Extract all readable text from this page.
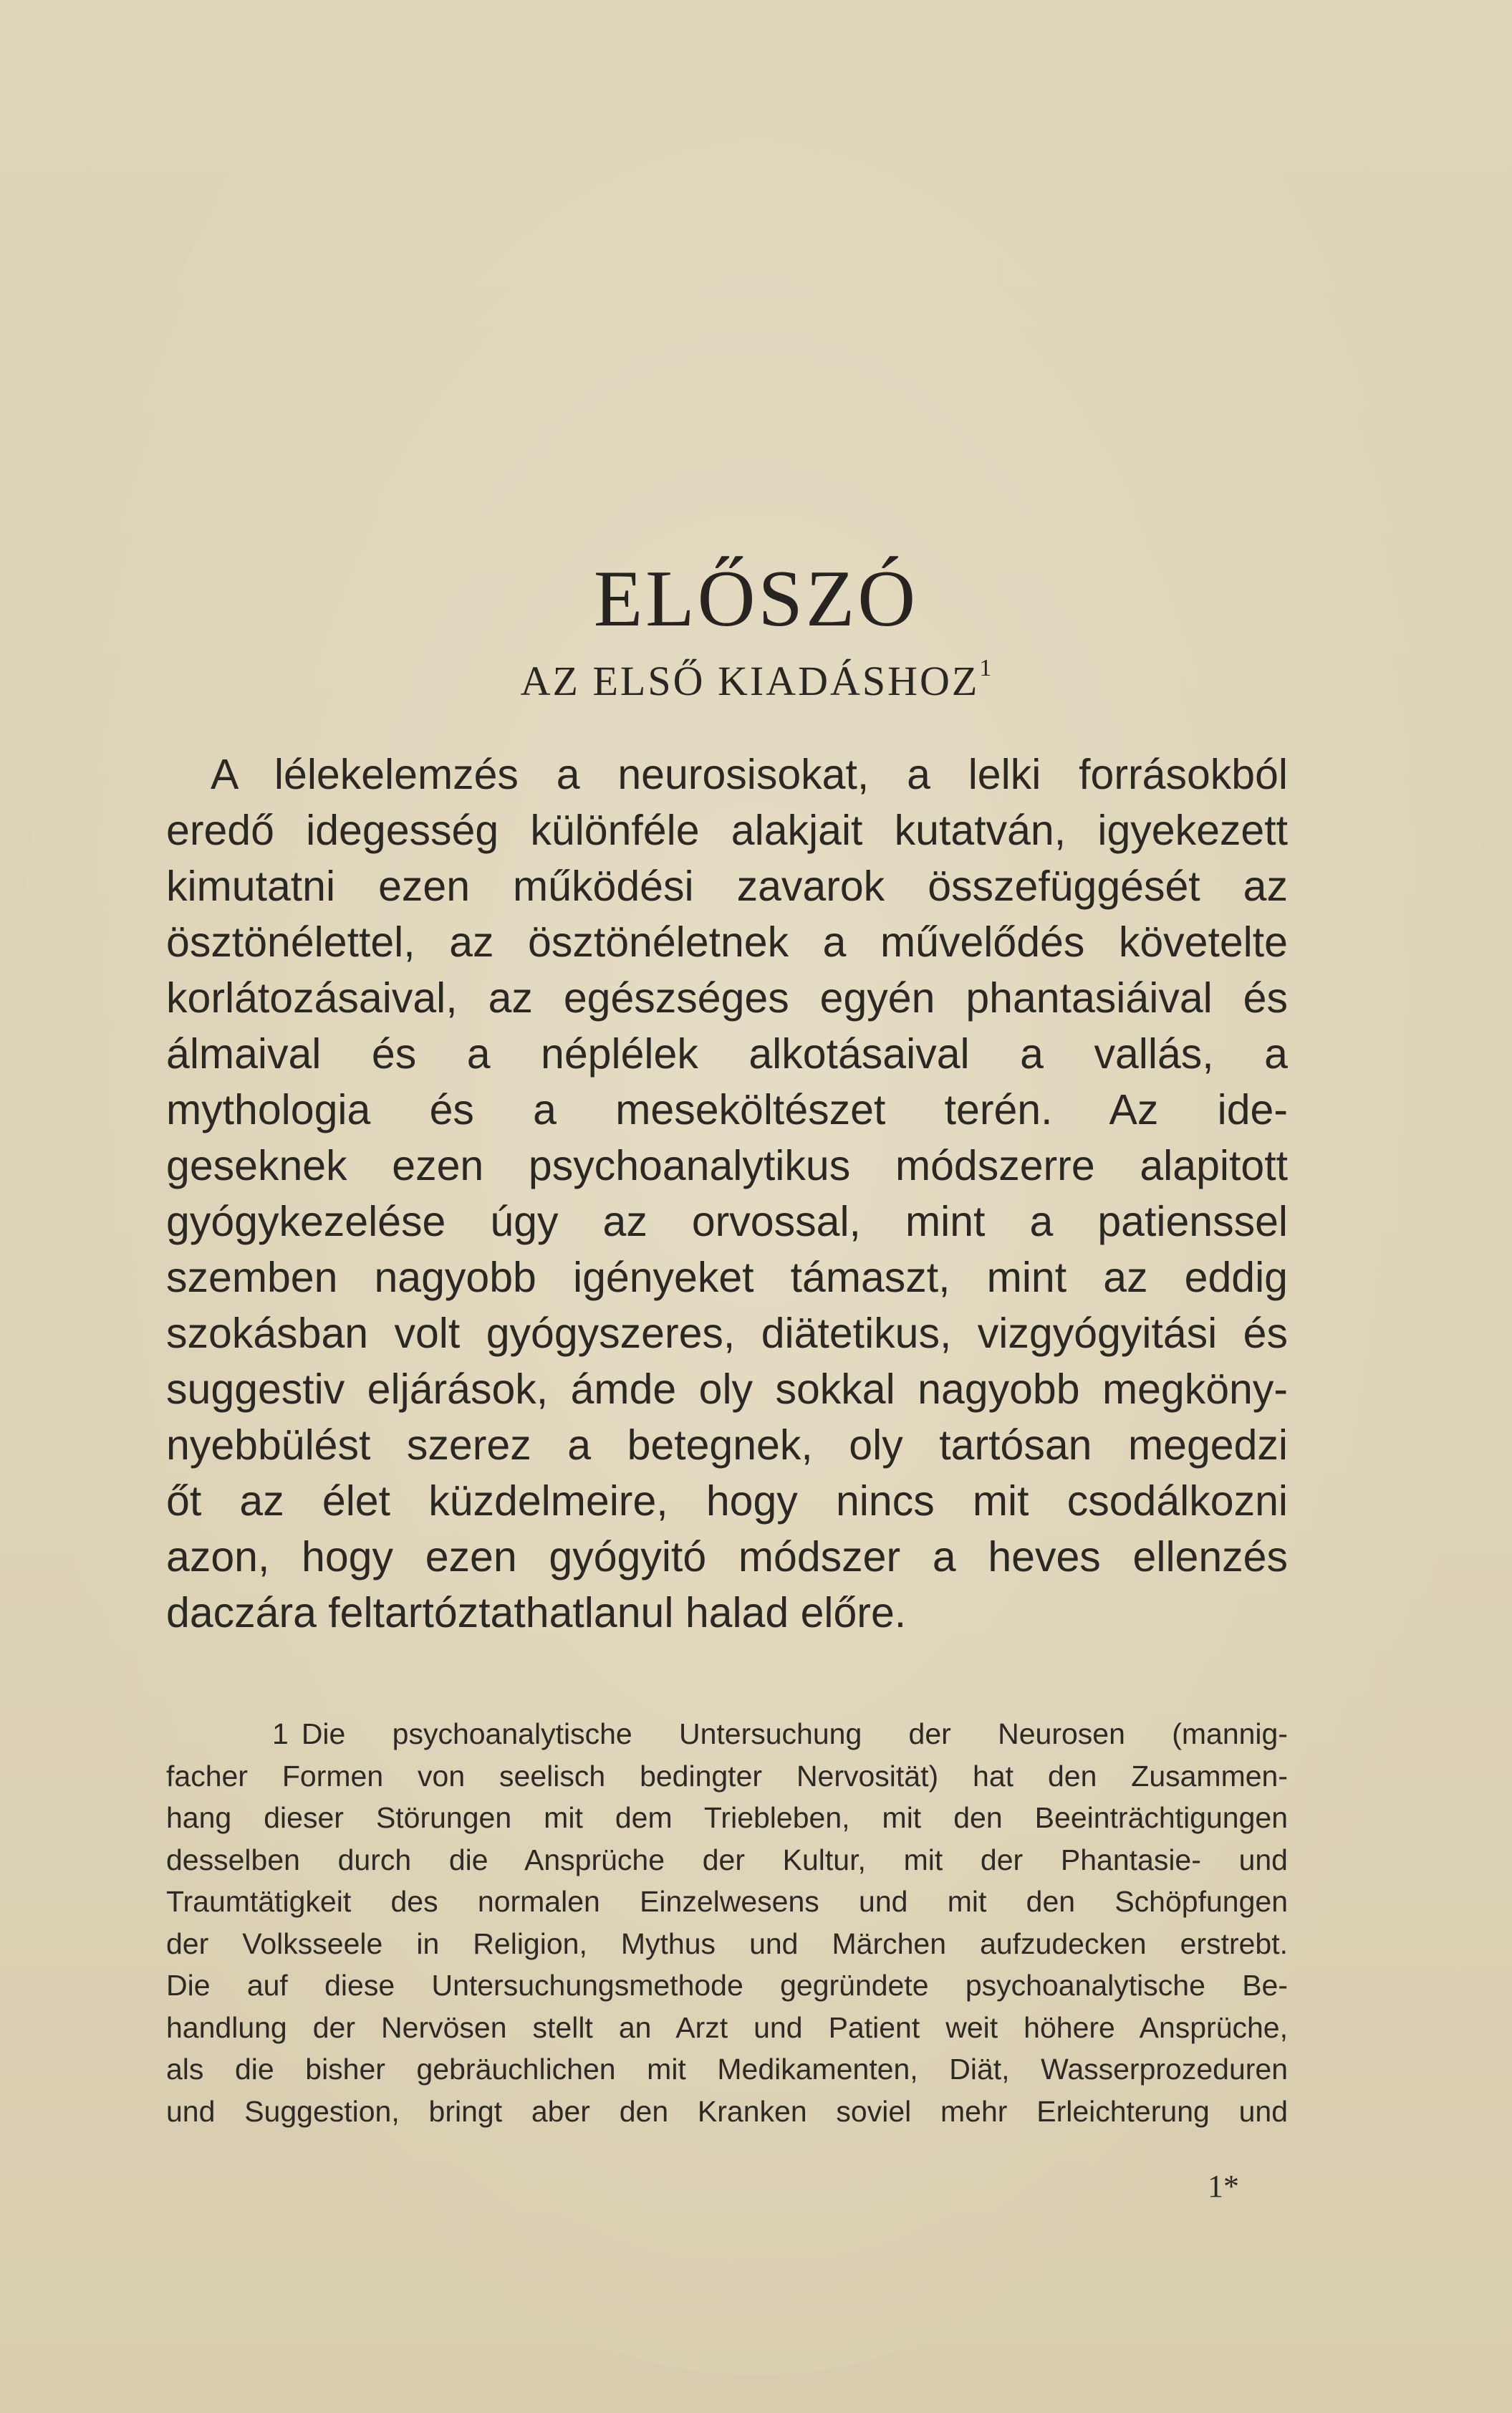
ELŐSZÓ
AZ ELSŐ KIADÁSHOZ$^1$
A lélekelemzés a neurosisokat, a lelki forrásokból
eredő idegesség különféle alakjait kutatván, igyekezett
kimutatni ezen működési zavarok összefüggését az
ösztönélettel, az ösztönéletnek a művelődés követelte
korlátozásaival, az egészséges egyén phantasiáival és
álmaival és a néplélek alkotásaival a vallás, a
mythologia és a meseköltészet terén. Az ide-
geseknek ezen psychoanalytikus módszerre alapitott
gyógykezelése úgy az orvossal, mint a patienssel
szemben nagyobb igényeket támaszt, mint az eddig
szokásban volt gyógyszeres, diätetikus, vizgyógyitási és
suggestiv eljárások, ámde oly sokkal nagyobb megköny-
nyebbülést szerez a betegnek, oly tartósan megedzi
őt az élet küzdelmeire, hogy nincs mit csodálkozni
azon, hogy ezen gyógyitó módszer a heves ellenzés
daczára feltartóztathatlanul halad előre.
1 Die psychoanalytische Untersuchung der Neurosen (mannig-
facher Formen von seelisch bedingter Nervosität) hat den Zusammen-
hang dieser Störungen mit dem Triebleben, mit den Beeinträchtigungen
desselben durch die Ansprüche der Kultur, mit der Phantasie- und
Traumtätigkeit des normalen Einzelwesens und mit den Schöpfungen
der Volksseele in Religion, Mythus und Märchen aufzudecken erstrebt.
Die auf diese Untersuchungsmethode gegründete psychoanalytische Be-
handlung der Nervösen stellt an Arzt und Patient weit höhere Ansprüche,
als die bisher gebräuchlichen mit Medikamenten, Diät, Wasserprozeduren
und Suggestion, bringt aber den Kranken soviel mehr Erleichterung und
1*
